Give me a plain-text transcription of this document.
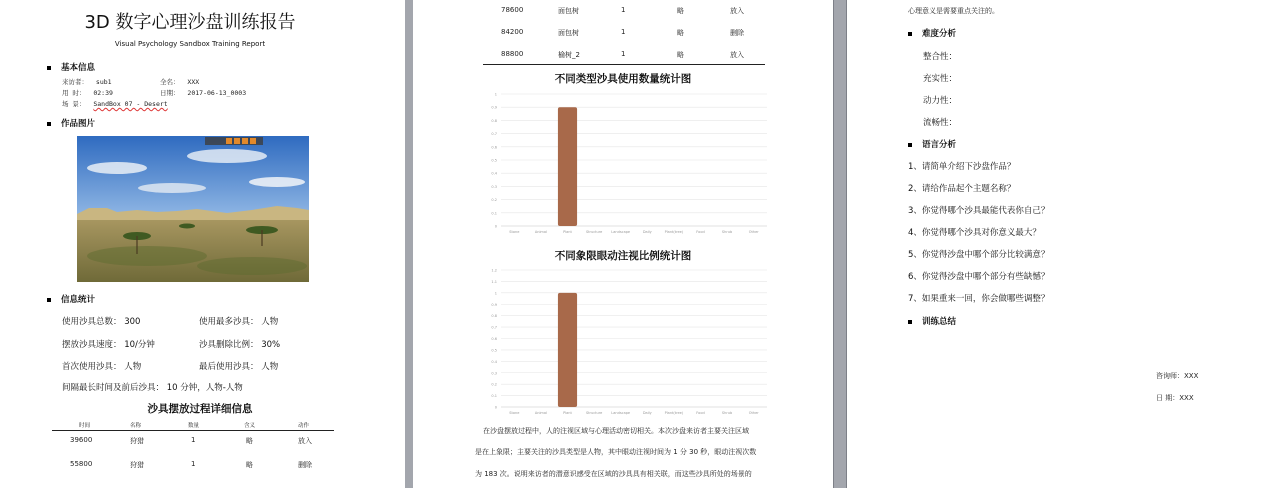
3D 数字心理沙盘训练报告
Visual Psychology Sandbox Training Report
基本信息
来访者： sub1	全名： XXX
用 时： 02:39	日期： 2017-06-13_0003
场 景： SandBox 07 - Desert
作品图片
信息统计
使用沙具总数： 300	使用最多沙具： 人物
摆放沙具速度： 10/分钟	沙具删除比例： 30%
首次使用沙具： 人物	最后使用沙具： 人物
间隔最长时间及前后沙具： 10 分钟，人物-人物
沙具摆放过程详细信息
时间	名称	数量	含义	动作
39600	狩猎	1	略	放入
55800	狩猎	1	略	删除
78600	面包树	1	略	放入
84200	面包树	1	略	删除
88800	榆树_2	1	略	放入
不同类型沙具使用数量统计图
0
0.1
0.2
0.3
0.4
0.5
0.6
0.7
0.8
0.9
1
Stone	Animal	Plant	Structure	Landscape	Daily	Plant(tree)	Food	Shrub	Other
不同象限眼动注视比例统计图
0
0.1
0.2
0.3
0.4
0.5
0.6
0.7
0.8
0.9
1
1.1
1.2
Stone	Animal	Plant	Structure	Landscape	Daily	Plant(tree)	Food	Shrub	Other
在沙盘摆放过程中，人的注视区域与心理活动密切相关。本次沙盘来访者主要关注区域
是在上象限；主要关注的沙具类型是人物，其中眼动注视时间为 1 分 30 秒，眼动注视次数
为 183 次。说明来访者的潜意识感受在区域的沙具具有相关联，而这些沙具所处的场景的
心理意义是需要重点关注的。
难度分析
整合性：
充实性：
动力性：
流畅性：
语言分析
1、请简单介绍下沙盘作品？
2、请给作品起个主题名称？
3、你觉得哪个沙具最能代表你自己？
4、你觉得哪个沙具对你意义最大？
5、你觉得沙盘中哪个部分比较满意？
6、你觉得沙盘中哪个部分有些缺憾？
7、如果重来一回，你会做哪些调整？
训练总结
咨询师：XXX
日 期：XXX
